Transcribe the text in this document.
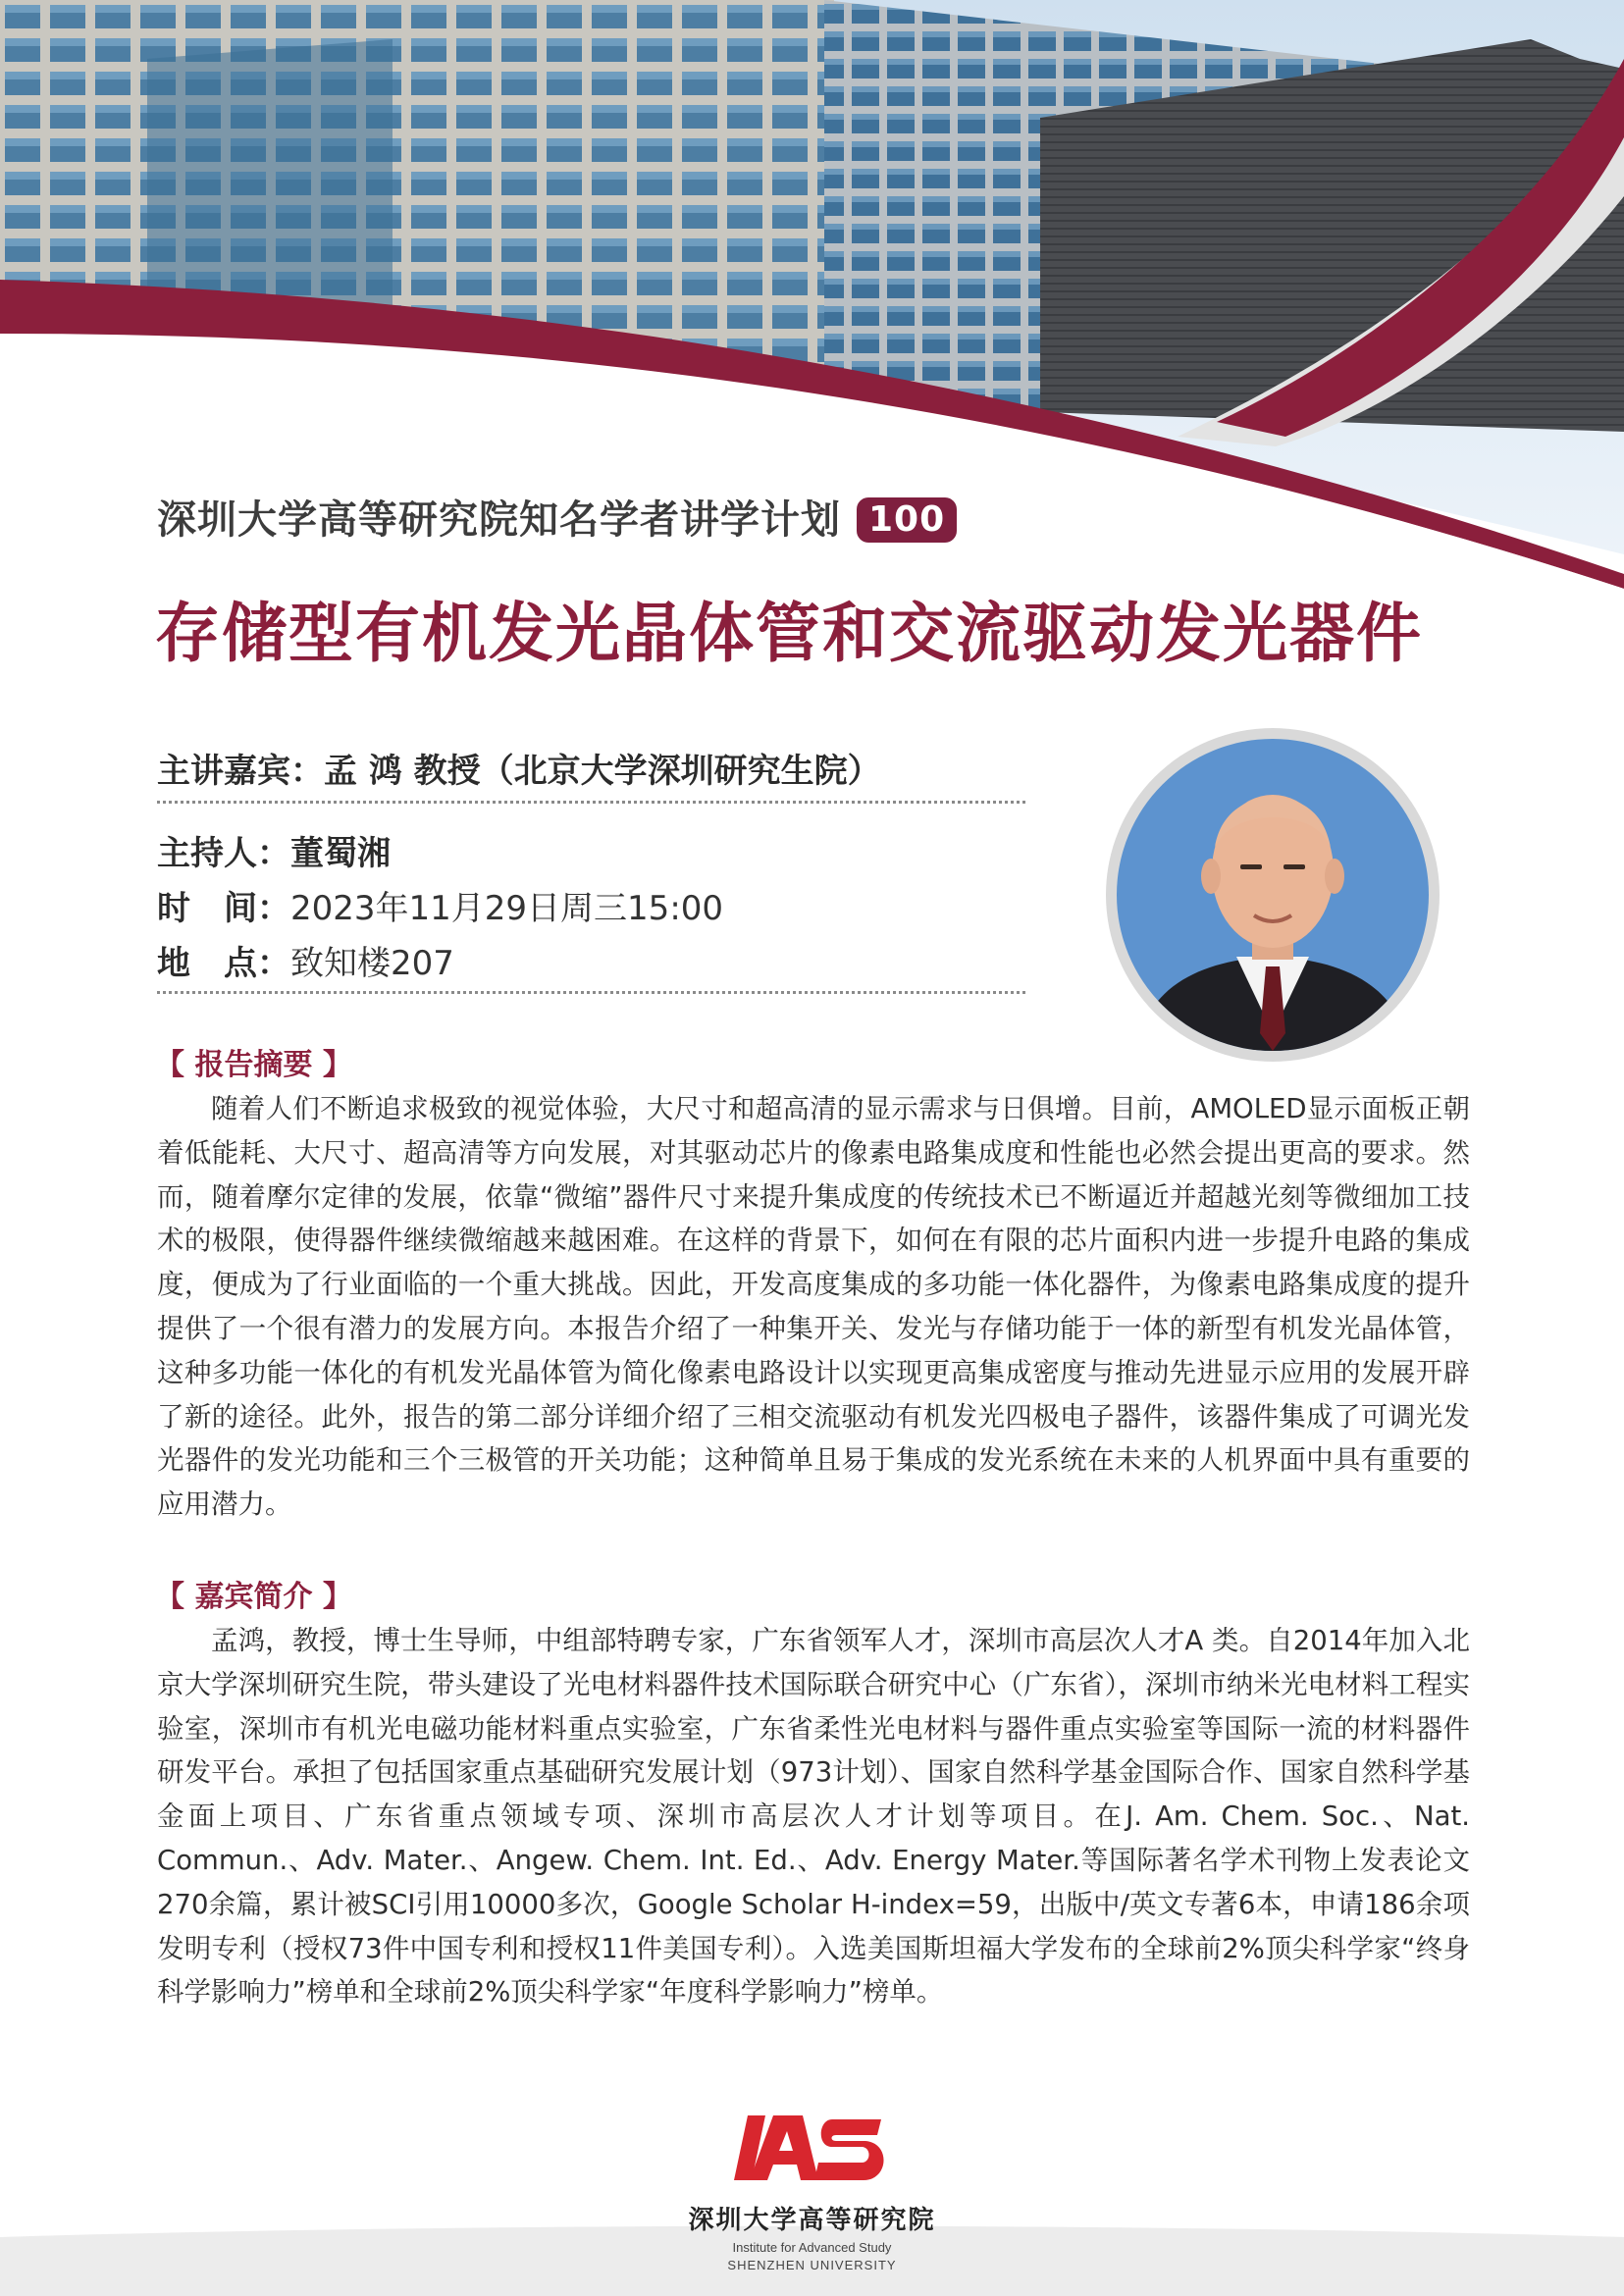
深圳大学高等研究院知名学者讲学计划 100
存储型有机发光晶体管和交流驱动发光器件
主讲嘉宾：孟 鸿 教授（北京大学深圳研究生院）
主持人：董蜀湘
时　间：2023年11月29日周三15:00
地　点：致知楼207
【 报告摘要 】
随着人们不断追求极致的视觉体验，大尺寸和超高清的显示需求与日俱增。目前，AMOLED显示面板正朝着低能耗、大尺寸、超高清等方向发展，对其驱动芯片的像素电路集成度和性能也必然会提出更高的要求。然而，随着摩尔定律的发展，依靠“微缩”器件尺寸来提升集成度的传统技术已不断逼近并超越光刻等微细加工技术的极限，使得器件继续微缩越来越困难。在这样的背景下，如何在有限的芯片面积内进一步提升电路的集成度，便成为了行业面临的一个重大挑战。因此，开发高度集成的多功能一体化器件，为像素电路集成度的提升提供了一个很有潜力的发展方向。本报告介绍了一种集开关、发光与存储功能于一体的新型有机发光晶体管，这种多功能一体化的有机发光晶体管为简化像素电路设计以实现更高集成密度与推动先进显示应用的发展开辟了新的途径。此外，报告的第二部分详细介绍了三相交流驱动有机发光四极电子器件，该器件集成了可调光发光器件的发光功能和三个三极管的开关功能；这种简单且易于集成的发光系统在未来的人机界面中具有重要的应用潜力。
【 嘉宾简介 】
孟鸿，教授，博士生导师，中组部特聘专家，广东省领军人才，深圳市高层次人才A 类。自2014年加入北京大学深圳研究生院，带头建设了光电材料器件技术国际联合研究中心（广东省），深圳市纳米光电材料工程实验室，深圳市有机光电磁功能材料重点实验室，广东省柔性光电材料与器件重点实验室等国际一流的材料器件研发平台。承担了包括国家重点基础研究发展计划（973计划）、国家自然科学基金国际合作、国家自然科学基金面上项目、广东省重点领域专项、深圳市高层次人才计划等项目。在J. Am. Chem. Soc.、Nat. Commun.、Adv. Mater.、Angew. Chem. Int. Ed.、Adv. Energy Mater.等国际著名学术刊物上发表论文270余篇，累计被SCI引用10000多次，Google Scholar H-index=59，出版中/英文专著6本，申请186余项发明专利（授权73件中国专利和授权11件美国专利）。入选美国斯坦福大学发布的全球前2%顶尖科学家“终身科学影响力”榜单和全球前2%顶尖科学家“年度科学影响力”榜单。
深圳大学高等研究院
Institute for Advanced Study
SHENZHEN UNIVERSITY
